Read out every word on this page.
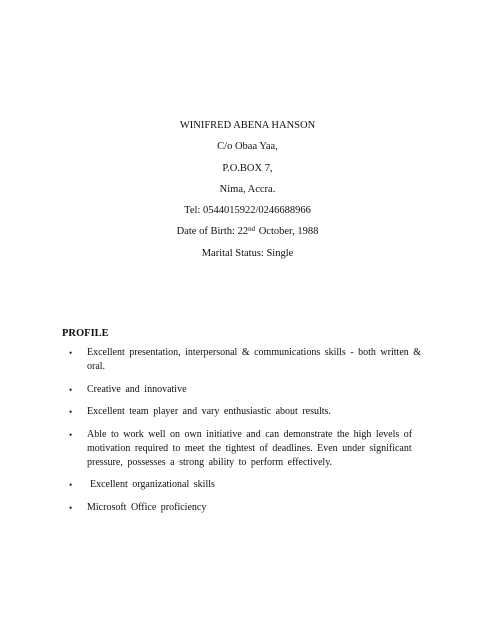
WINIFRED ABENA HANSON
C/o Obaa Yaa,
P.O.BOX 7,
Nima, Accra.
Tel: 0544015922/0246688966
Date of Birth: 22nd October, 1988
Marital Status: Single
PROFILE
• Excellent presentation, interpersonal & communications skills - both written & oral.
• Creative and innovative
• Excellent team player and vary enthusiastic about results.
• Able to work well on own initiative and can demonstrate the high levels of motivation required to meet the tightest of deadlines. Even under significant pressure, possesses a strong ability to perform effectively.
•	Excellent organizational skills
• Microsoft Office proficiency
